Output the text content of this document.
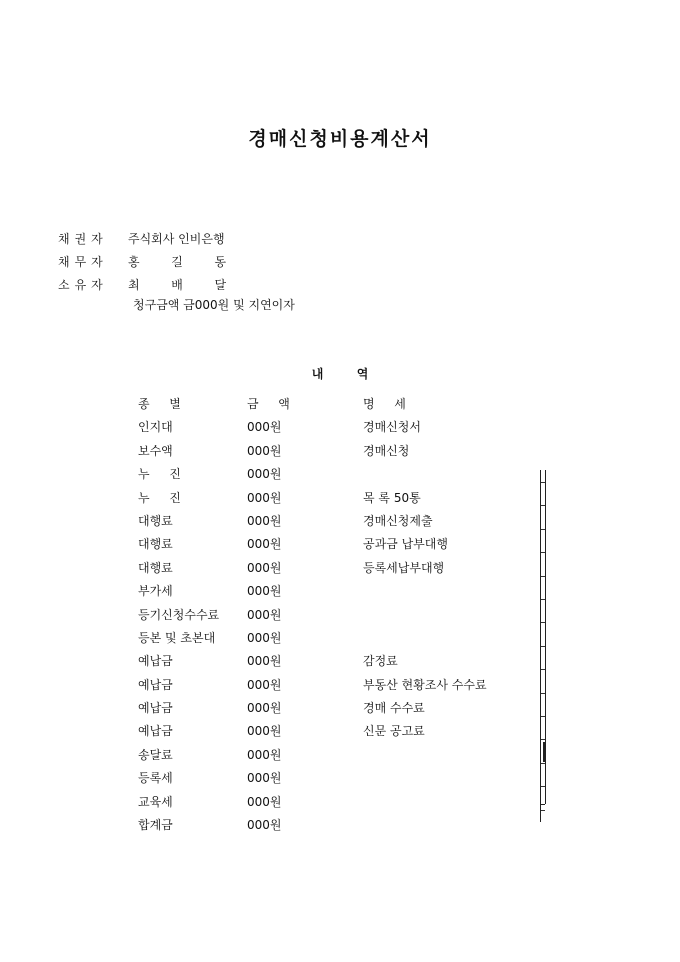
경매신청비용계산서
채권자 주식회사 인비은행
채무자 홍  길  동
소유자 최  배  달
청구금액 금000원 및 지연이자
내        역
종  별	금  액	명  세
인지대	000원	경매신청서
보수액	000원	경매신청
누  진	000원
누  진	000원	목 록 50통
대행료	000원	경매신청제출
대행료	000원	공과금 납부대행
대행료	000원	등록세납부대행
부가세	000원
등기신청수수료 000원
등본 및 초본대	000원
예납금	000원	감정료
예납금	000원	부동산 현황조사 수수료
예납금	000원	경매 수수료
예납금	000원	신문 공고료
송달료	000원
등록세	000원
교육세	000원
합계금	000원
